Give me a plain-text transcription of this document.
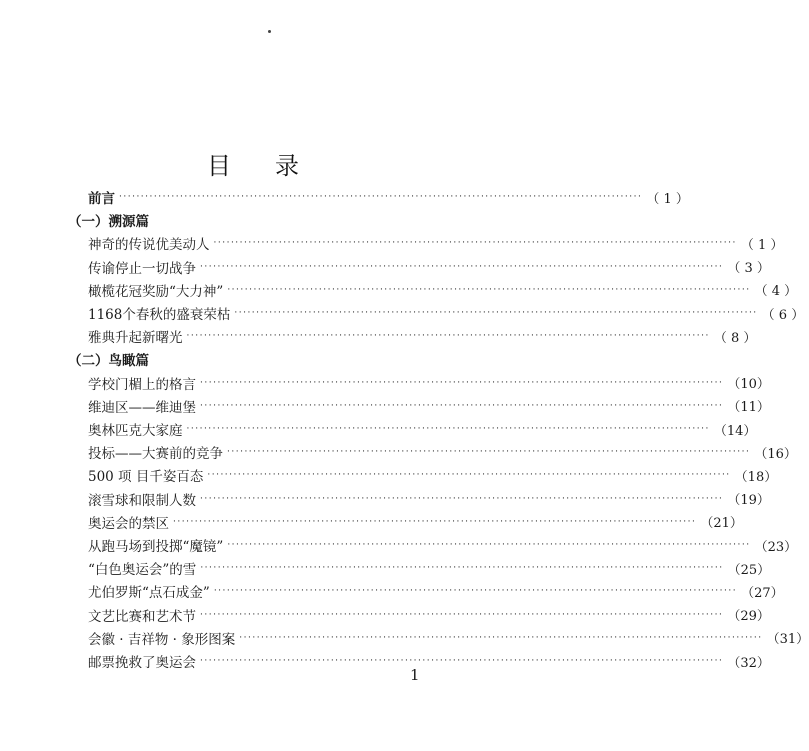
目 录
前言 ························································································································ （ 1 ）
（一）溯源篇
神奇的传说优美动人 ························································································································ （ 1 ）
传谕停止一切战争 ························································································································ （ 3 ）
橄榄花冠奖励“大力神” ························································································································ （ 4 ）
1168个春秋的盛衰荣枯 ························································································································ （ 6 ）
雅典升起新曙光 ························································································································ （ 8 ）
（二）鸟瞰篇
学校门楣上的格言 ························································································································ （10）
维迪区——维迪堡 ························································································································ （11）
奥林匹克大家庭 ························································································································ （14）
投标——大赛前的竞争 ························································································································ （16）
500 项 目千姿百态 ························································································································ （18）
滚雪球和限制人数 ························································································································ （19）
奥运会的禁区 ························································································································ （21）
从跑马场到投掷“魔镜” ························································································································ （23）
“白色奥运会”的雪 ························································································································ （25）
尤伯罗斯“点石成金” ························································································································ （27）
文艺比赛和艺术节 ························································································································ （29）
会徽 · 吉祥物 · 象形图案 ························································································································ （31）
邮票挽救了奥运会 ························································································································ （32）
1
